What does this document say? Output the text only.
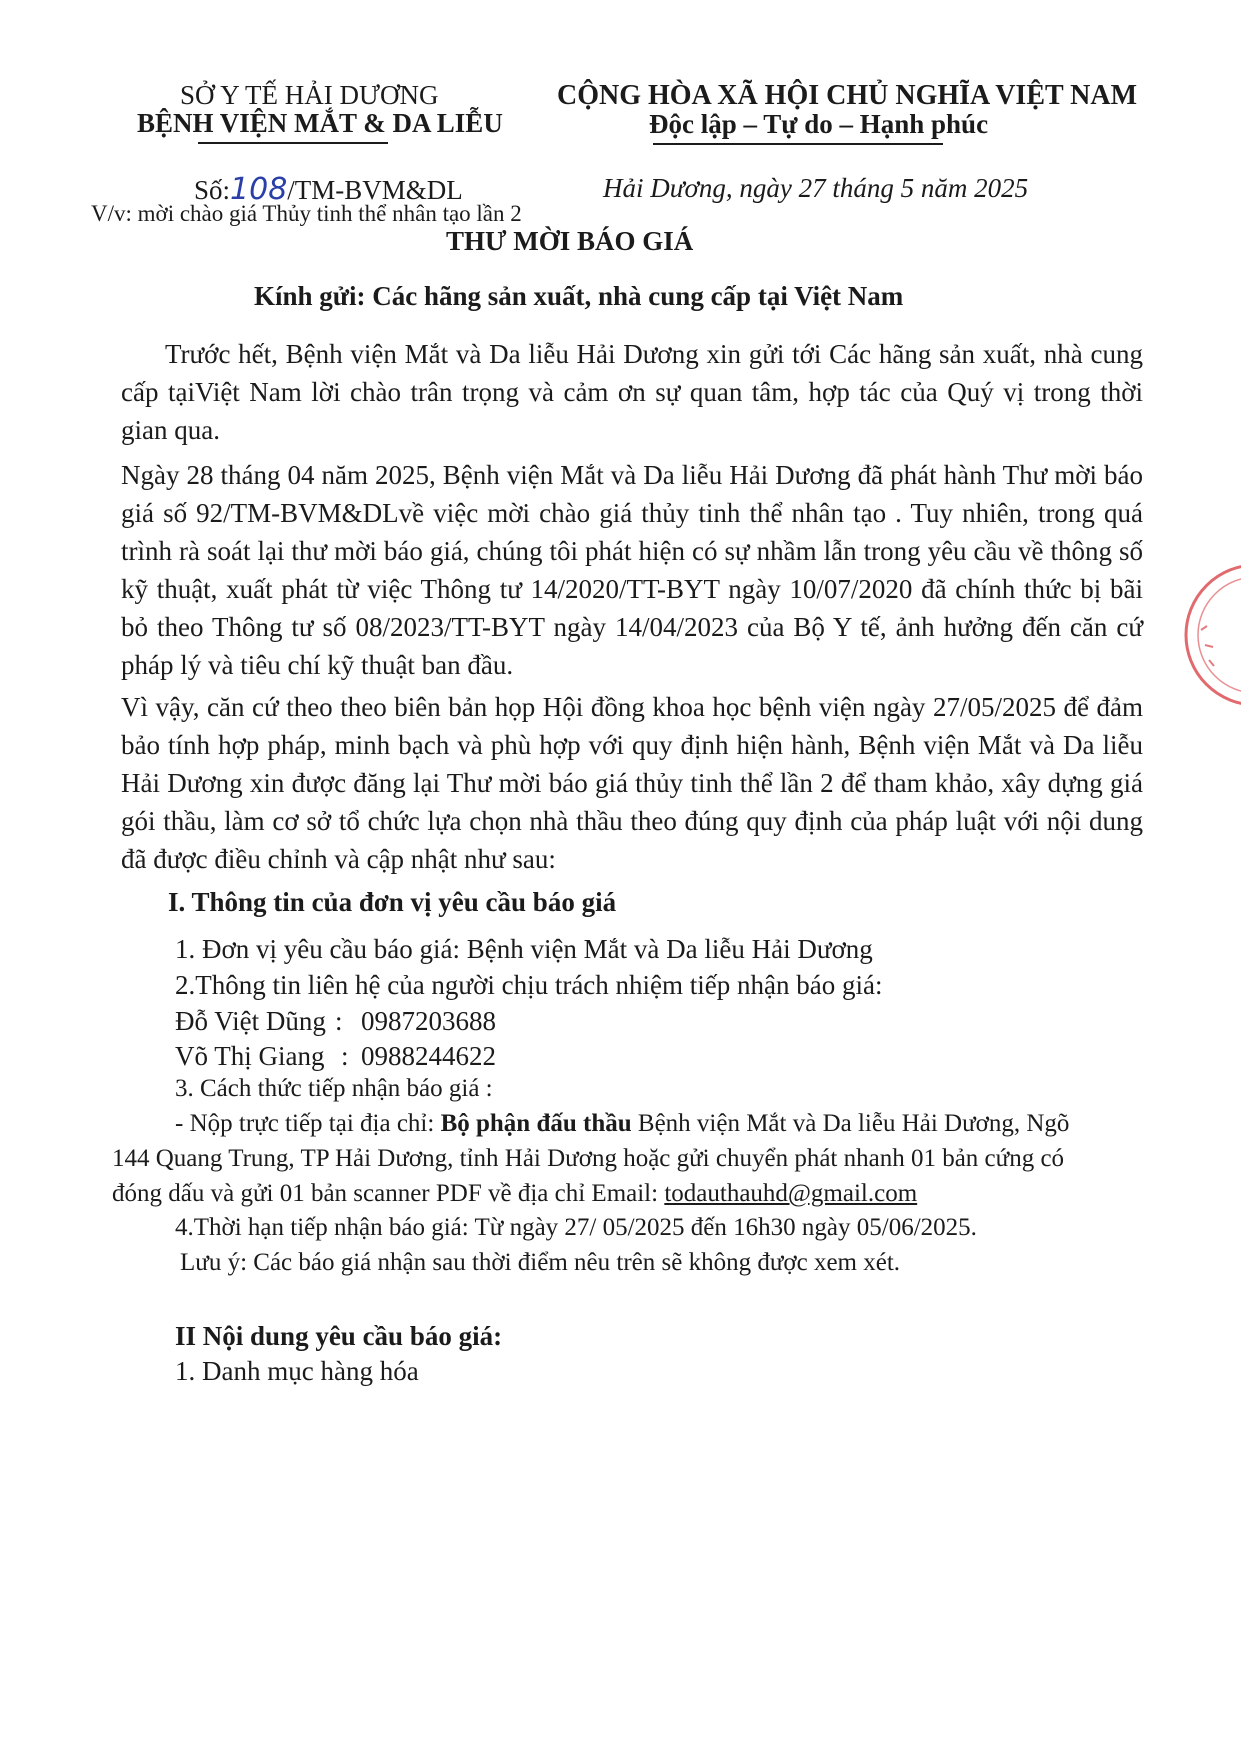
SỞ Y TẾ HẢI DƯƠNG
BỆNH VIỆN MẮT & DA LIỄU
CỘNG HÒA XÃ HỘI CHỦ NGHĨA VIỆT NAM
Độc lập – Tự do – Hạnh phúc
Số:108/TM-BVM&DL
V/v: mời chào giá Thủy tinh thể nhân tạo lần 2
Hải Dương, ngày 27 tháng 5 năm 2025
THƯ MỜI BÁO GIÁ
Kính gửi: Các hãng sản xuất, nhà cung cấp tại Việt Nam
Trước hết, Bệnh viện Mắt và Da liễu Hải Dương xin gửi tới Các hãng sản xuất, nhà cung cấp tạiViệt Nam lời chào trân trọng và cảm ơn sự quan tâm, hợp tác của Quý vị trong thời gian qua.
Ngày 28 tháng 04 năm 2025, Bệnh viện Mắt và Da liễu Hải Dương đã phát hành Thư mời báo giá số 92/TM-BVM&DLvề việc mời chào giá thủy tinh thể nhân tạo . Tuy nhiên, trong quá trình rà soát lại thư mời báo giá, chúng tôi phát hiện có sự nhầm lẫn trong yêu cầu về thông số kỹ thuật, xuất phát từ việc Thông tư 14/2020/TT-BYT ngày 10/07/2020 đã chính thức bị bãi bỏ theo Thông tư số 08/2023/TT-BYT ngày 14/04/2023 của Bộ Y tế, ảnh hưởng đến căn cứ pháp lý và tiêu chí kỹ thuật ban đầu.
Vì vậy, căn cứ theo theo biên bản họp Hội đồng khoa học bệnh viện ngày 27/05/2025 để đảm bảo tính hợp pháp, minh bạch và phù hợp với quy định hiện hành, Bệnh viện Mắt và Da liễu Hải Dương xin được đăng lại Thư mời báo giá thủy tinh thể lần 2 để tham khảo, xây dựng giá gói thầu, làm cơ sở tổ chức lựa chọn nhà thầu theo đúng quy định của pháp luật với nội dung đã được điều chỉnh và cập nhật như sau:
I. Thông tin của đơn vị yêu cầu báo giá
1. Đơn vị yêu cầu báo giá: Bệnh viện Mắt và Da liễu Hải Dương
2.Thông tin liên hệ của người chịu trách nhiệm tiếp nhận báo giá:
Đỗ Việt Dũng : 0987203688
Võ Thị Giang : 0988244622
3. Cách thức tiếp nhận báo giá :
- Nộp trực tiếp tại địa chỉ: Bộ phận đấu thầu Bệnh viện Mắt và Da liễu Hải Dương, Ngõ
144 Quang Trung, TP Hải Dương, tỉnh Hải Dương hoặc gửi chuyển phát nhanh 01 bản cứng có
đóng dấu và gửi 01 bản scanner PDF về địa chỉ Email: todauthauhd@gmail.com
4.Thời hạn tiếp nhận báo giá: Từ ngày 27/ 05/2025 đến 16h30 ngày 05/06/2025.
Lưu ý: Các báo giá nhận sau thời điểm nêu trên sẽ không được xem xét.
II Nội dung yêu cầu báo giá:
1. Danh mục hàng hóa
